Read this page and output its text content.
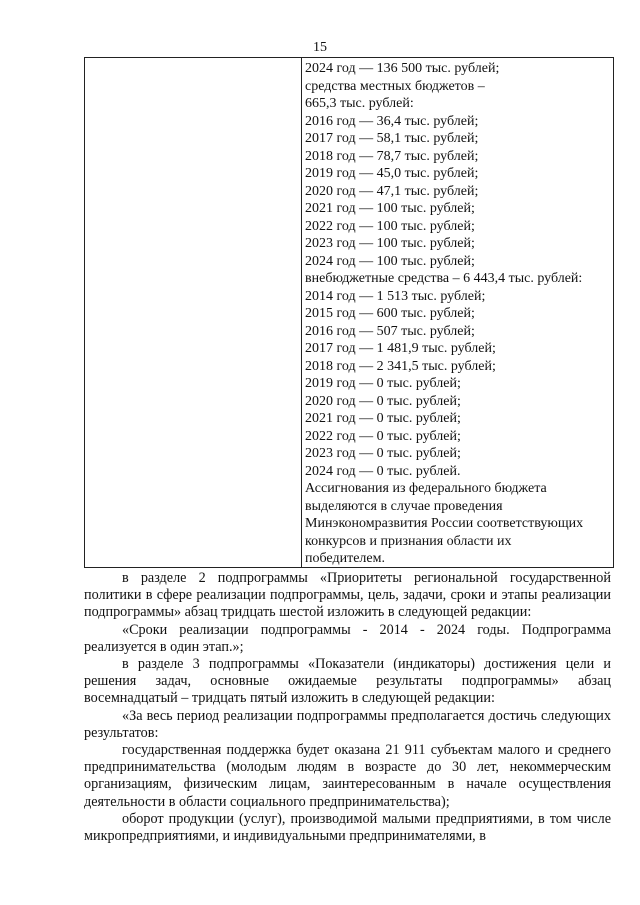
15
2024 год — 136 500 тыс. рублей;
средства местных бюджетов –
665,3 тыс. рублей:
2016 год — 36,4 тыс. рублей;
2017 год — 58,1 тыс. рублей;
2018 год — 78,7 тыс. рублей;
2019 год — 45,0 тыс. рублей;
2020 год — 47,1 тыс. рублей;
2021 год — 100 тыс. рублей;
2022 год — 100 тыс. рублей;
2023 год — 100 тыс. рублей;
2024 год — 100 тыс. рублей;
внебюджетные средства – 6 443,4 тыс. рублей:
2014 год — 1 513 тыс. рублей;
2015 год — 600 тыс. рублей;
2016 год — 507 тыс. рублей;
2017 год — 1 481,9 тыс. рублей;
2018 год — 2 341,5 тыс. рублей;
2019 год — 0 тыс. рублей;
2020 год — 0 тыс. рублей;
2021 год — 0 тыс. рублей;
2022 год — 0 тыс. рублей;
2023 год — 0 тыс. рублей;
2024 год — 0 тыс. рублей.
Ассигнования из федерального бюджета
выделяются в случае проведения
Минэкономразвития России соответствующих
конкурсов и признания области их
победителем.

в разделе 2 подпрограммы «Приоритеты региональной государственной политики в сфере реализации подпрограммы, цель, задачи, сроки и этапы реализации подпрограммы» абзац тридцать шестой изложить в следующей редакции:

«Сроки реализации подпрограммы - 2014 - 2024 годы. Подпрограмма реализуется в один этап.»;

в разделе 3 подпрограммы «Показатели (индикаторы) достижения цели и решения задач, основные ожидаемые результаты подпрограммы» абзац восемнадцатый – тридцать пятый изложить в следующей редакции:

«За весь период реализации подпрограммы предполагается достичь следующих результатов:

государственная поддержка будет оказана 21 911 субъектам малого и среднего предпринимательства (молодым людям в возрасте до 30 лет, некоммерческим организациям, физическим лицам, заинтересованным в начале осуществления деятельности в области социального предпринимательства);

оборот продукции (услуг), производимой малыми предприятиями, в том числе микропредприятиями, и индивидуальными предпринимателями, в
